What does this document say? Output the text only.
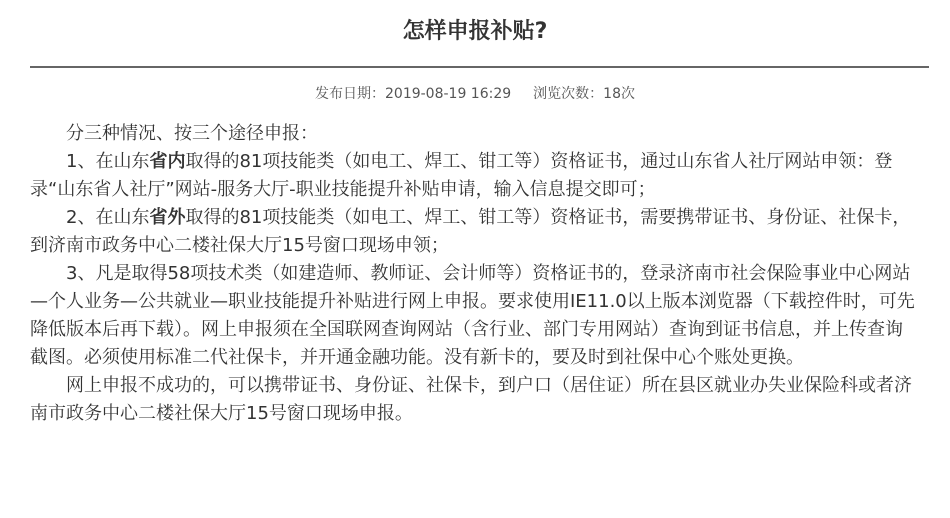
怎样申报补贴?
发布日期：2019-08-19 16:29 浏览次数：18次

分三种情况、按三个途径申报：

1、在山东省内取得的81项技能类（如电工、焊工、钳工等）资格证书，通过山东省人社厅网站申领：登录“山东省人社厅”网站-服务大厅-职业技能提升补贴申请，输入信息提交即可；

2、在山东省外取得的81项技能类（如电工、焊工、钳工等）资格证书，需要携带证书、身份证、社保卡，到济南市政务中心二楼社保大厅15号窗口现场申领；

3、凡是取得58项技术类（如建造师、教师证、会计师等）资格证书的，登录济南市社会保险事业中心网站—个人业务—公共就业—职业技能提升补贴进行网上申报。要求使用IE11.0以上版本浏览器（下载控件时，可先降低版本后再下载）。网上申报须在全国联网查询网站（含行业、部门专用网站）查询到证书信息，并上传查询截图。必须使用标准二代社保卡，并开通金融功能。没有新卡的，要及时到社保中心个账处更换。

网上申报不成功的，可以携带证书、身份证、社保卡，到户口（居住证）所在县区就业办失业保险科或者济南市政务中心二楼社保大厅15号窗口现场申报。
